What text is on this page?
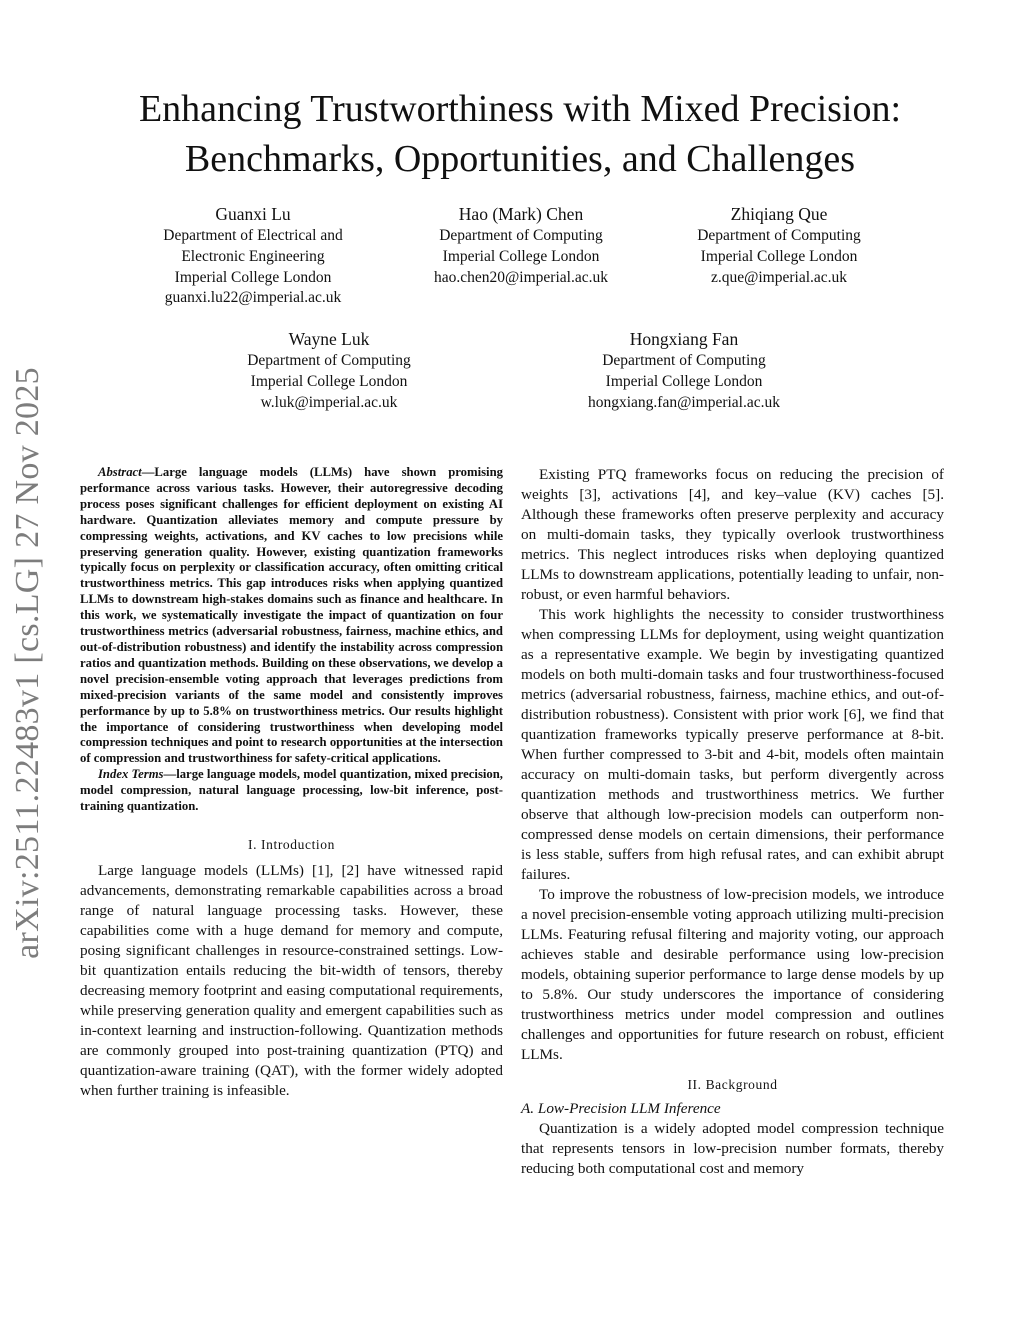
arXiv:2511.22483v1 [cs.LG] 27 Nov 2025
Enhancing Trustworthiness with Mixed Precision:
Benchmarks, Opportunities, and Challenges
Guanxi Lu
Department of Electrical and
Electronic Engineering
Imperial College London
guanxi.lu22@imperial.ac.uk
Hao (Mark) Chen
Department of Computing
Imperial College London
hao.chen20@imperial.ac.uk
Zhiqiang Que
Department of Computing
Imperial College London
z.que@imperial.ac.uk
Wayne Luk
Department of Computing
Imperial College London
w.luk@imperial.ac.uk
Hongxiang Fan
Department of Computing
Imperial College London
hongxiang.fan@imperial.ac.uk

Abstract—Large language models (LLMs) have shown promising performance across various tasks. However, their autoregressive decoding process poses significant challenges for efficient deployment on existing AI hardware. Quantization alleviates memory and compute pressure by compressing weights, activations, and KV caches to low precisions while preserving generation quality. However, existing quantization frameworks typically focus on perplexity or classification accuracy, often omitting critical trustworthiness metrics. This gap introduces risks when applying quantized LLMs to downstream high-stakes domains such as finance and healthcare. In this work, we systematically investigate the impact of quantization on four trustworthiness metrics (adversarial robustness, fairness, machine ethics, and out-of-distribution robustness) and identify the instability across compression ratios and quantization methods. Building on these observations, we develop a novel precision-ensemble voting approach that leverages predictions from mixed-precision variants of the same model and consistently improves performance by up to 5.8% on trustworthiness metrics. Our results highlight the importance of considering trustworthiness when developing model compression techniques and point to research opportunities at the intersection of compression and trustworthiness for safety-critical applications.

Index Terms—large language models, model quantization, mixed precision, model compression, natural language processing, low-bit inference, post-training quantization.

I. Introduction

Large language models (LLMs) [1], [2] have witnessed rapid advancements, demonstrating remarkable capabilities across a broad range of natural language processing tasks. However, these capabilities come with a huge demand for memory and compute, posing significant challenges in resource-constrained settings. Low-bit quantization entails reducing the bit-width of tensors, thereby decreasing memory footprint and easing computational requirements, while preserving generation quality and emergent capabilities such as in-context learning and instruction-following. Quantization methods are commonly grouped into post-training quantization (PTQ) and quantization-aware training (QAT), with the former widely adopted when further training is infeasible.

Existing PTQ frameworks focus on reducing the precision of weights [3], activations [4], and key–value (KV) caches [5]. Although these frameworks often preserve perplexity and accuracy on multi-domain tasks, they typically overlook trustworthiness metrics. This neglect introduces risks when deploying quantized LLMs to downstream applications, potentially leading to unfair, non-robust, or even harmful behaviors.

This work highlights the necessity to consider trustworthiness when compressing LLMs for deployment, using weight quantization as a representative example. We begin by investigating quantized models on both multi-domain tasks and four trustworthiness-focused metrics (adversarial robustness, fairness, machine ethics, and out-of-distribution robustness). Consistent with prior work [6], we find that quantization frameworks typically preserve performance at 8-bit. When further compressed to 3-bit and 4-bit, models often maintain accuracy on multi-domain tasks, but perform divergently across quantization methods and trustworthiness metrics. We further observe that although low-precision models can outperform non-compressed dense models on certain dimensions, their performance is less stable, suffers from high refusal rates, and can exhibit abrupt failures.

To improve the robustness of low-precision models, we introduce a novel precision-ensemble voting approach utilizing multi-precision LLMs. Featuring refusal filtering and majority voting, our approach achieves stable and desirable performance using low-precision models, obtaining superior performance to large dense models by up to 5.8%. Our study underscores the importance of considering trustworthiness metrics under model compression and outlines challenges and opportunities for future research on robust, efficient LLMs.

II. Background

A. Low-Precision LLM Inference

Quantization is a widely adopted model compression technique that represents tensors in low-precision number formats, thereby reducing both computational cost and memory
